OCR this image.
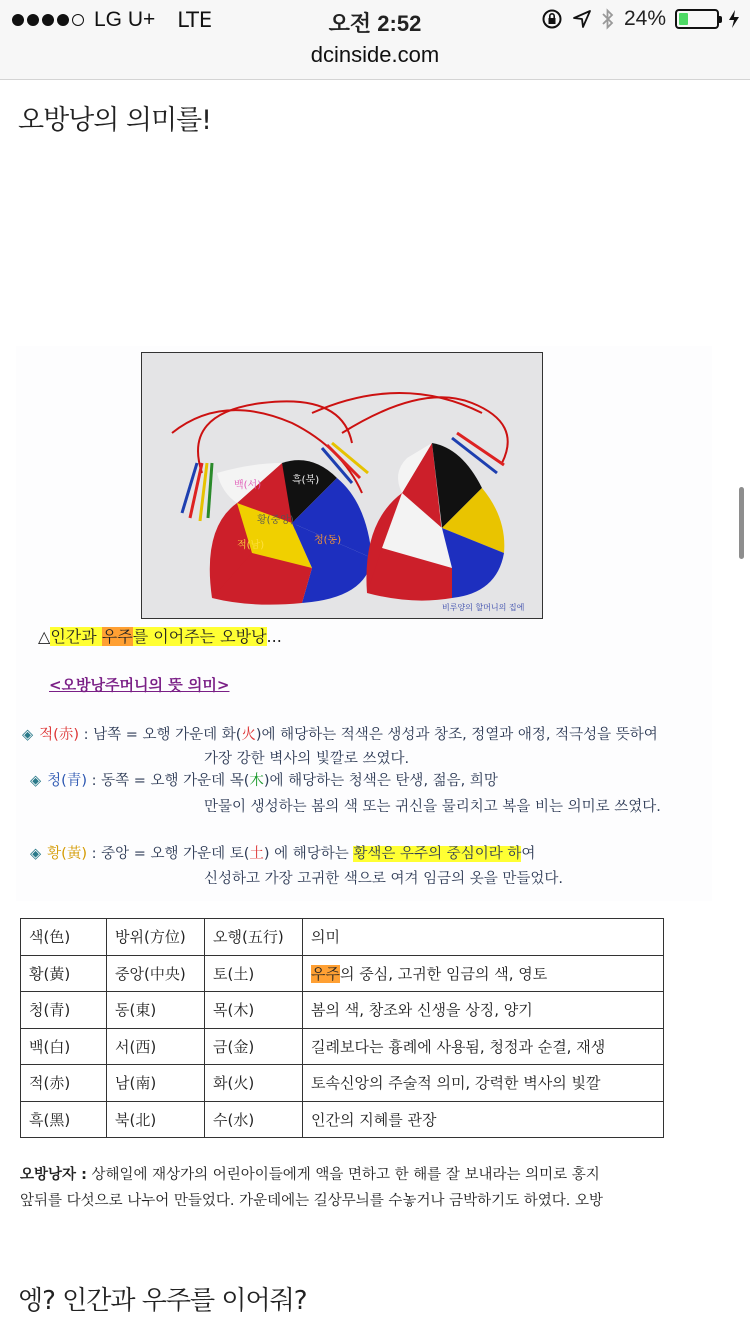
LG U+ LTE	오전 2:52	24%
dcinside.com
오방낭의 의미를!
백(서)	흑(북)
황(중앙)
적(남)	청(동)
비루양의 할머니의 집에
△인간과 우주를 이어주는 오방낭...
<오방낭주머니의 뜻 의미>
◈ 적(赤) : 남쪽 = 오행 가운데 화(火)에 해당하는 적색은 생성과 창조, 정열과 애정, 적극성을 뜻하여
가장 강한 벽사의 빛깔로 쓰였다.
◈ 청(青) : 동쪽 = 오행 가운데 목(木)에 해당하는 청색은 탄생, 젊음, 희망
만물이 생성하는 봄의 색 또는 귀신을 물리치고 복을 비는 의미로 쓰였다.
◈ 황(黃) : 중앙 = 오행 가운데 토(土) 에 해당하는 황색은 우주의 중심이라 하여
신성하고 가장 고귀한 색으로 여겨 임금의 옷을 만들었다.
색(色)	방위(方位)	오행(五行)	의미
황(黃)	중앙(中央)	토(土)	우주의 중심, 고귀한 임금의 색, 영토
청(青)	동(東)	목(木)	봄의 색, 창조와 신생을 상징, 양기
백(白)	서(西)	금(金)	길례보다는 흉례에 사용됨, 청정과 순결, 재생
적(赤)	남(南)	화(火)	토속신앙의 주술적 의미, 강력한 벽사의 빛깔
흑(黑)	북(北)	수(水)	인간의 지혜를 관장
오방낭자 : 상해일에 재상가의 어린아이들에게 액을 면하고 한 해를 잘 보내라는 의미로 홍지
앞뒤를 다섯으로 나누어 만들었다. 가운데에는 길상무늬를 수놓거나 금박하기도 하였다. 오방
엥? 인간과 우주를 이어줘?
